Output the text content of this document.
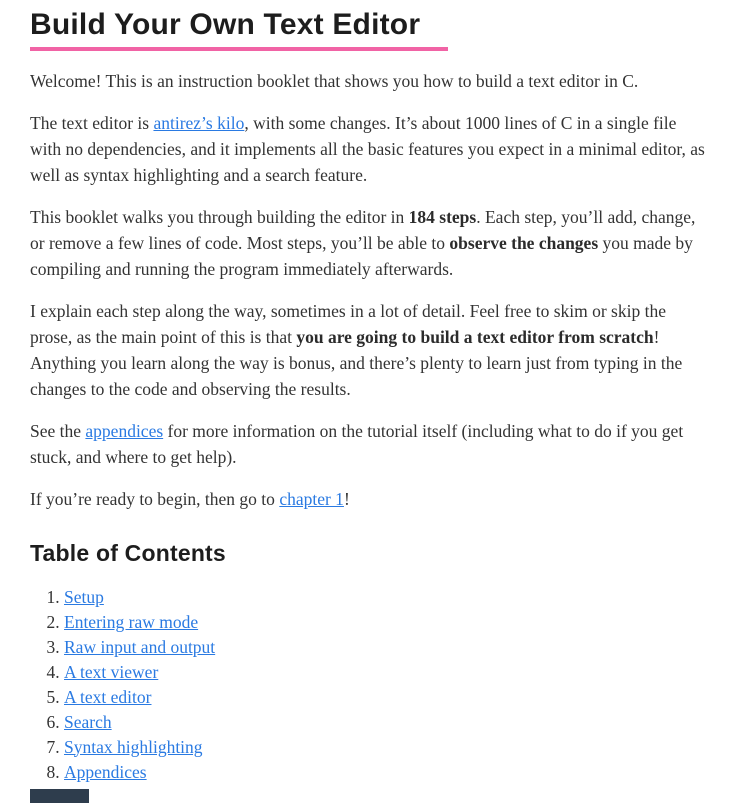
Build Your Own Text Editor

Welcome! This is an instruction booklet that shows you how to build a text editor in C.

The text editor is antirez’s kilo, with some changes. It’s about 1000 lines of C in a single file with no dependencies, and it implements all the basic features you expect in a minimal editor, as well as syntax highlighting and a search feature.

This booklet walks you through building the editor in 184 steps. Each step, you’ll add, change, or remove a few lines of code. Most steps, you’ll be able to observe the changes you made by compiling and running the program immediately afterwards.

I explain each step along the way, sometimes in a lot of detail. Feel free to skim or skip the prose, as the main point of this is that you are going to build a text editor from scratch! Anything you learn along the way is bonus, and there’s plenty to learn just from typing in the changes to the code and observing the results.

See the appendices for more information on the tutorial itself (including what to do if you get stuck, and where to get help).

If you’re ready to begin, then go to chapter 1!

Table of Contents
1. Setup
2. Entering raw mode
3. Raw input and output
4. A text viewer
5. A text editor
6. Search
7. Syntax highlighting
8. Appendices
